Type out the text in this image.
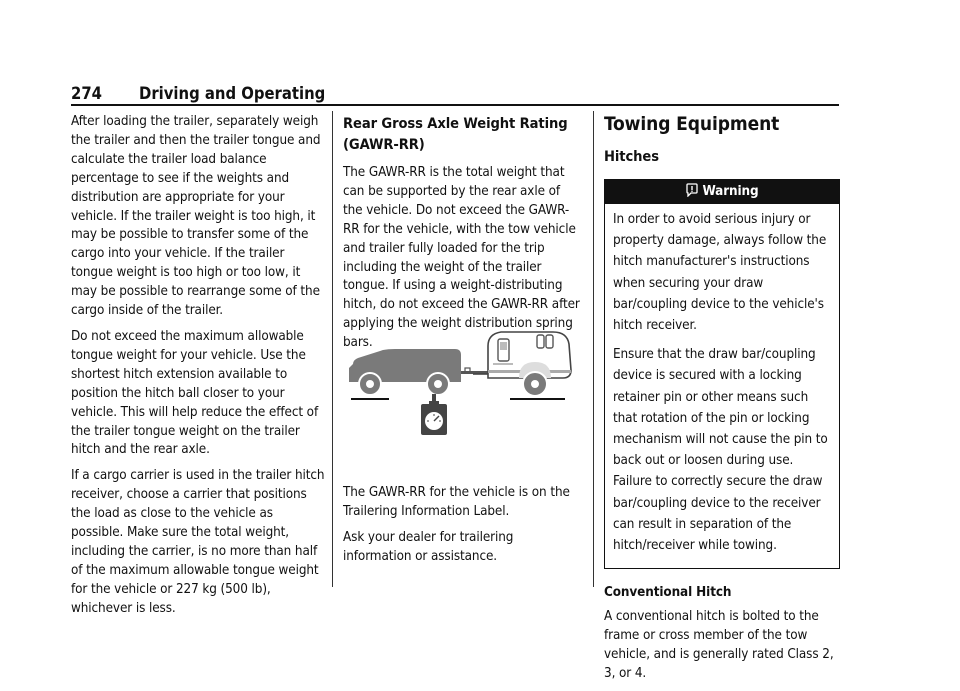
274 Driving and Operating

After loading the trailer, separately weigh the trailer and then the trailer tongue and calculate the trailer load balance percentage to see if the weights and distribution are appropriate for your vehicle. If the trailer weight is too high, it may be possible to transfer some of the cargo into your vehicle. If the trailer tongue weight is too high or too low, it may be possible to rearrange some of the cargo inside of the trailer.

Do not exceed the maximum allowable tongue weight for your vehicle. Use the shortest hitch extension available to position the hitch ball closer to your vehicle. This will help reduce the effect of the trailer tongue weight on the trailer hitch and the rear axle.

If a cargo carrier is used in the trailer hitch receiver, choose a carrier that positions the load as close to the vehicle as possible. Make sure the total weight, including the carrier, is no more than half of the maximum allowable tongue weight for the vehicle or 227 kg (500 lb), whichever is less.

Rear Gross Axle Weight Rating (GAWR-RR)

The GAWR-RR is the total weight that can be supported by the rear axle of the vehicle. Do not exceed the GAWR-RR for the vehicle, with the tow vehicle and trailer fully loaded for the trip including the weight of the trailer tongue. If using a weight-distributing hitch, do not exceed the GAWR-RR after applying the weight distribution spring bars.

The GAWR-RR for the vehicle is on the Trailering Information Label.

Ask your dealer for trailering information or assistance.

Towing Equipment
Hitches
Warning

In order to avoid serious injury or property damage, always follow the hitch manufacturer's instructions when securing your draw bar/coupling device to the vehicle's hitch receiver.

Ensure that the draw bar/coupling device is secured with a locking retainer pin or other means such that rotation of the pin or locking mechanism will not cause the pin to back out or loosen during use. Failure to correctly secure the draw bar/coupling device to the receiver can result in separation of the hitch/receiver while towing.

Conventional Hitch

A conventional hitch is bolted to the frame or cross member of the tow vehicle, and is generally rated Class 2, 3, or 4.
